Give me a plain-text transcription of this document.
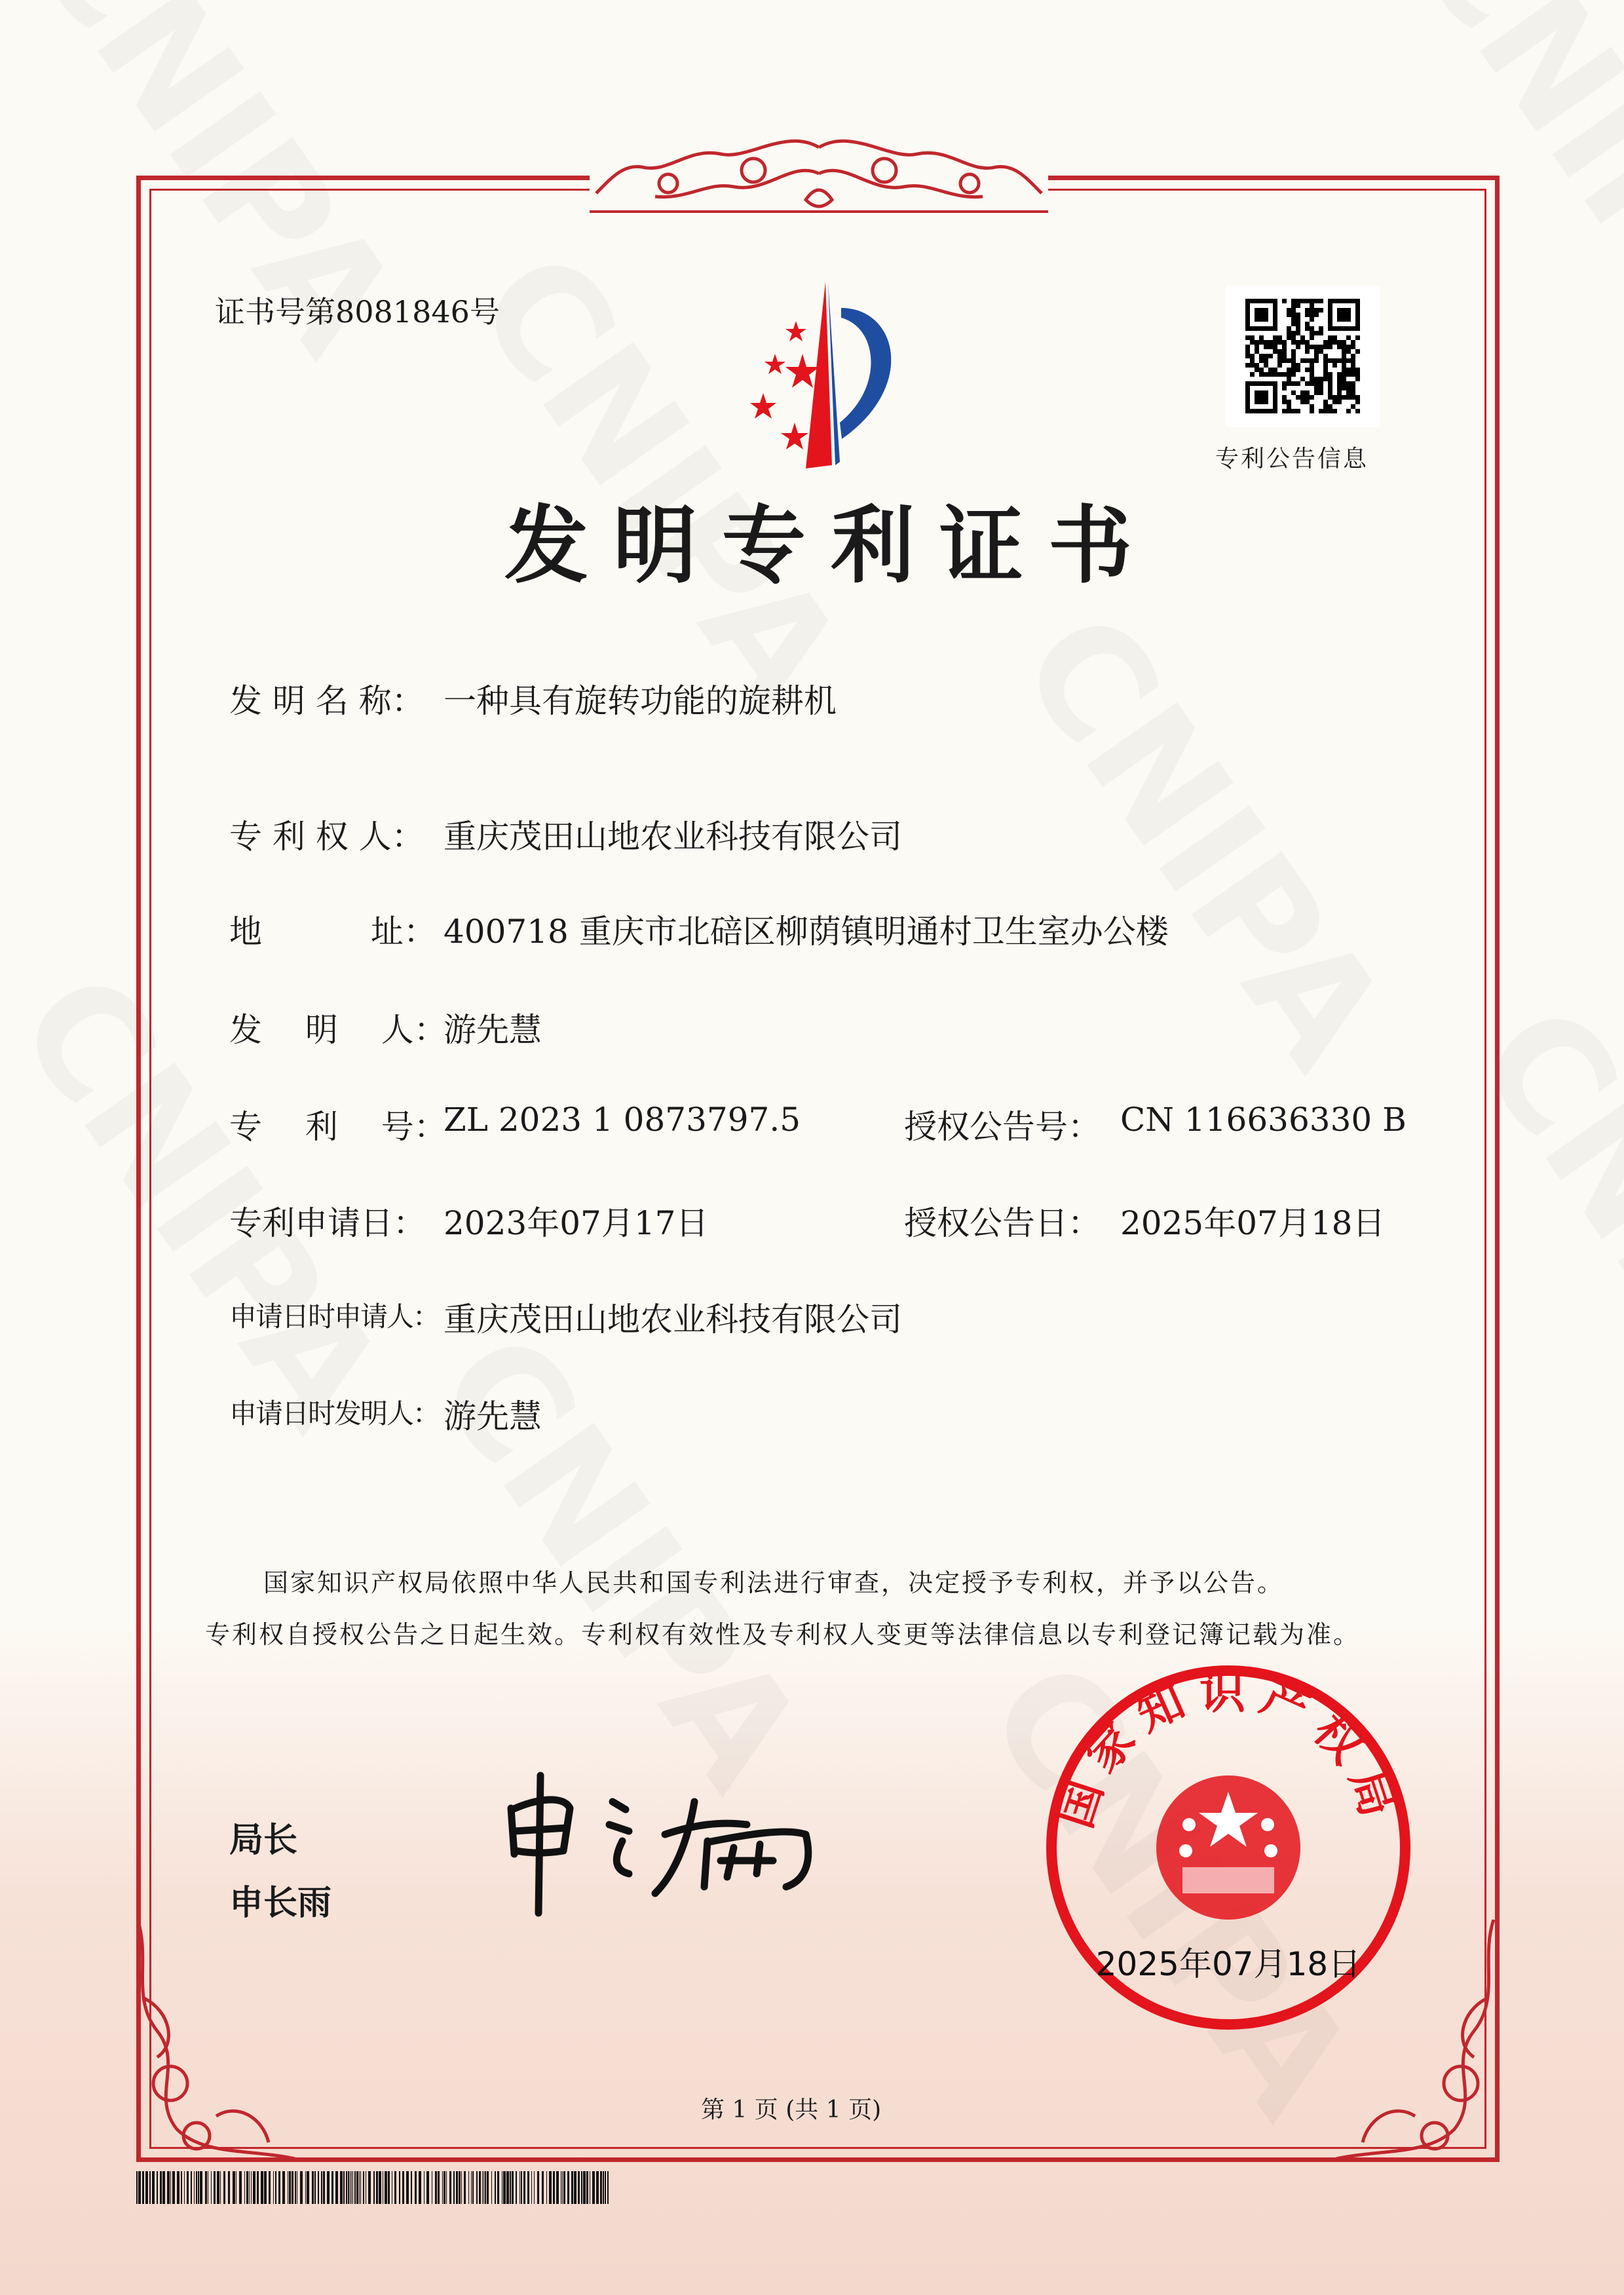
证书号第8081846号
专利公告信息
发明专利证书
发 明 名 称： 一种具有旋转功能的旋耕机
专 利 权 人： 重庆茂田山地农业科技有限公司
地　　　 址： 400718 重庆市北碚区柳荫镇明通村卫生室办公楼
发　 明　 人：
游先慧
专　 利　 号：
ZL 2023 1 0873797.5	授权公告号： CN 116636330 B
专利申请日： 2023年07月17日	授权公告日： 2025年07月18日
申请日时申请人： 重庆茂田山地农业科技有限公司
申请日时发明人： 游先慧
国家知识产权局依照中华人民共和国专利法进行审查，决定授予专利权，并予以公告。
专利权自授权公告之日起生效。专利权有效性及专利权人变更等法律信息以专利登记簿记载为准。
局长
申长雨
国家知识产权局
2025年07月18日
第 1 页 (共 1 页)
